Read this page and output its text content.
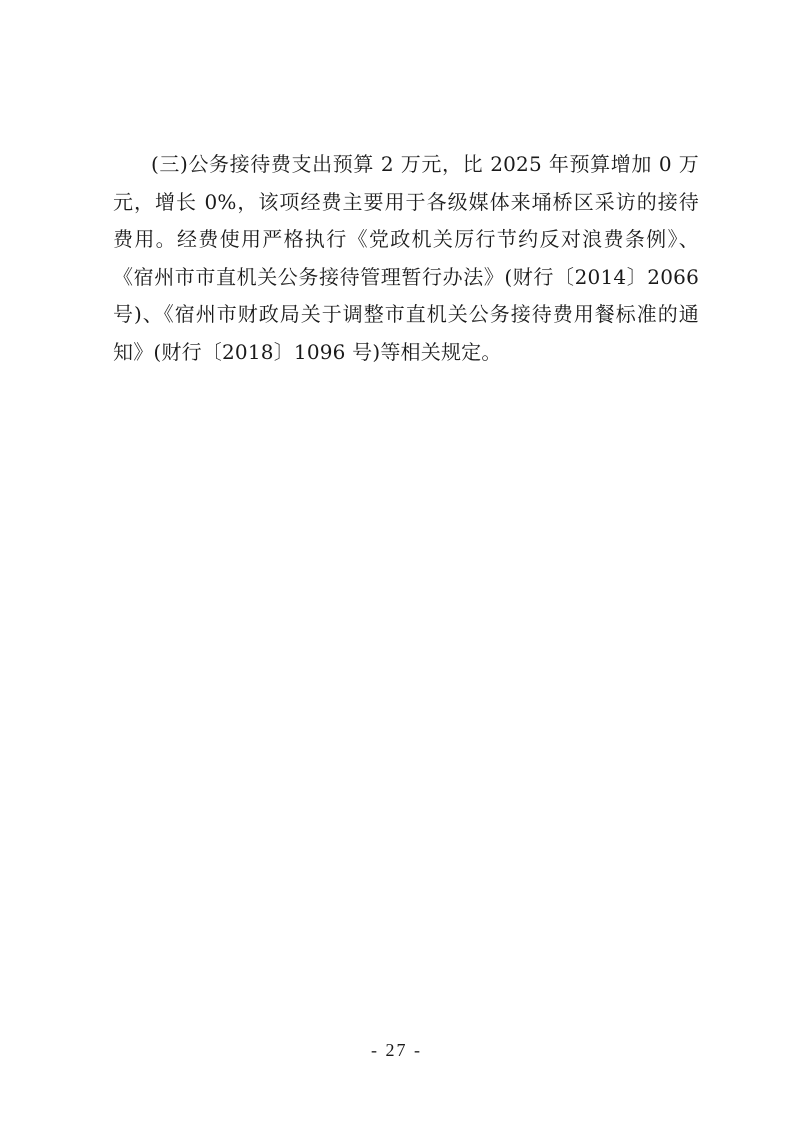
(三)公务接待费支出预算 2 万元，比 2025 年预算增加 0 万
元，增长 0%，该项经费主要用于各级媒体来埇桥区采访的接待
费用。经费使用严格执行《党政机关厉行节约反对浪费条例》、
《宿州市市直机关公务接待管理暂行办法》(财行〔2014〕2066
号)、《宿州市财政局关于调整市直机关公务接待费用餐标准的通
知》(财行〔2018〕1096 号)等相关规定。
- 27 -
